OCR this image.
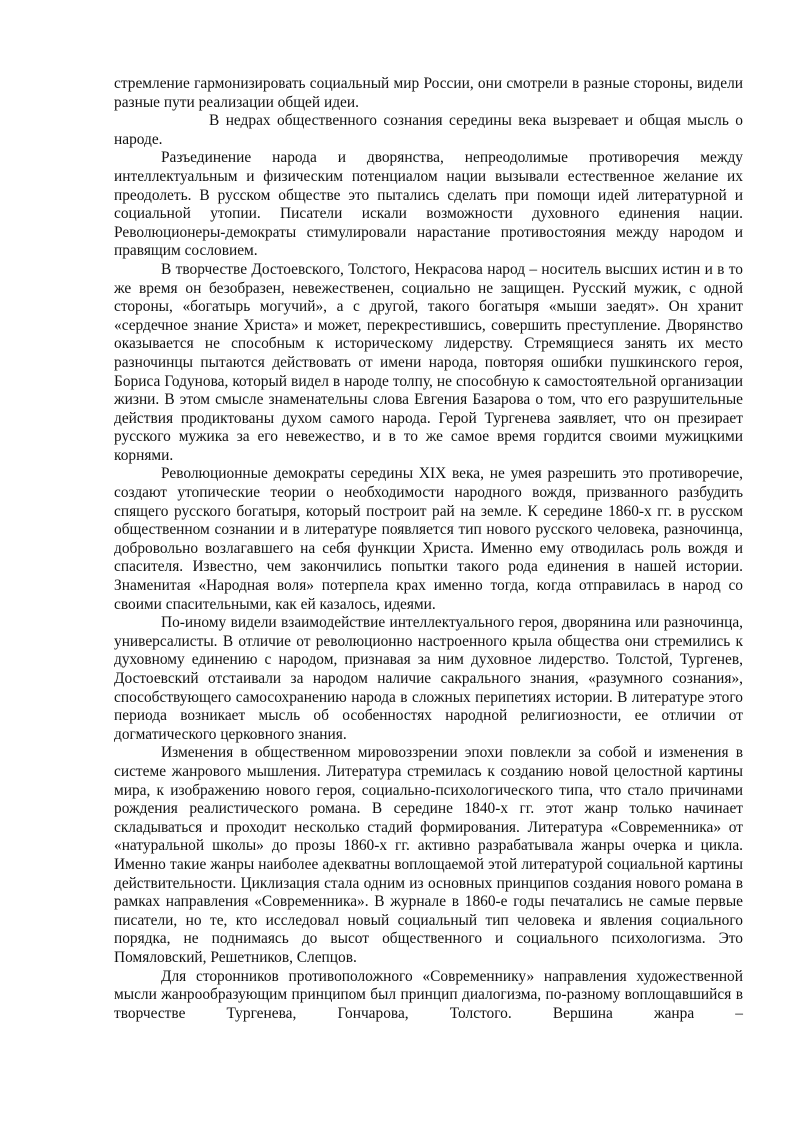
стремление гармонизировать социальный мир России, они смотрели в разные стороны, видели разные пути реализации общей идеи.

В недрах общественного сознания середины века вызревает и общая мысль о народе.

Разъединение народа и дворянства, непреодолимые противоречия между интеллектуальным и физическим потенциалом нации вызывали естественное желание их преодолеть. В русском обществе это пытались сделать при помощи идей литературной и социальной утопии. Писатели искали возможности духовного единения нации. Революционеры-демократы стимулировали нарастание противостояния между народом и правящим сословием.

В творчестве Достоевского, Толстого, Некрасова народ – носитель высших истин и в то же время он безобразен, невежественен, социально не защищен. Русский мужик, с одной стороны, «богатырь могучий», а с другой, такого богатыря «мыши заедят». Он хранит «сердечное знание Христа» и может, перекрестившись, совершить преступление. Дворянство оказывается не способным к историческому лидерству. Стремящиеся занять их место разночинцы пытаются действовать от имени народа, повторяя ошибки пушкинского героя, Бориса Годунова, который видел в народе толпу, не способную к самостоятельной организации жизни. В этом смысле знаменательны слова Евгения Базарова о том, что его разрушительные действия продиктованы духом самого народа. Герой Тургенева заявляет, что он презирает русского мужика за его невежество, и в то же самое время гордится своими мужицкими корнями.

Революционные демократы середины XIX века, не умея разрешить это противоречие, создают утопические теории о необходимости народного вождя, призванного разбудить спящего русского богатыря, который построит рай на земле. К середине 1860-х гг. в русском общественном сознании и в литературе появляется тип нового русского человека, разночинца, добровольно возлагавшего на себя функции Христа. Именно ему отводилась роль вождя и спасителя. Известно, чем закончились попытки такого рода единения в нашей истории. Знаменитая «Народная воля» потерпела крах именно тогда, когда отправилась в народ со своими спасительными, как ей казалось, идеями.

По-иному видели взаимодействие интеллектуального героя, дворянина или разночинца, универсалисты. В отличие от революционно настроенного крыла общества они стремились к духовному единению с народом, признавая за ним духовное лидерство. Толстой, Тургенев, Достоевский отстаивали за народом наличие сакрального знания, «разумного сознания», способствующего самосохранению народа в сложных перипетиях истории. В литературе этого периода возникает мысль об особенностях народной религиозности, ее отличии от догматического церковного знания.

Изменения в общественном мировоззрении эпохи повлекли за собой и изменения в системе жанрового мышления. Литература стремилась к созданию новой целостной картины мира, к изображению нового героя, социально-психологического типа, что стало причинами рождения реалистического романа. В середине 1840-х гг. этот жанр только начинает складываться и проходит несколько стадий формирования. Литература «Современника» от «натуральной школы» до прозы 1860-х гг. активно разрабатывала жанры очерка и цикла. Именно такие жанры наиболее адекватны воплощаемой этой литературой социальной картины действительности. Циклизация стала одним из основных принципов создания нового романа в рамках направления «Современника». В журнале в 1860-е годы печатались не самые первые писатели, но те, кто исследовал новый социальный тип человека и явления социального порядка, не поднимаясь до высот общественного и социального психологизма. Это Помяловский, Решетников, Слепцов.

Для сторонников противоположного «Современнику» направления художественной мысли жанрообразующим принципом был принцип диалогизма, по-разному воплощавшийся в творчестве Тургенева, Гончарова, Толстого. Вершина жанра –
